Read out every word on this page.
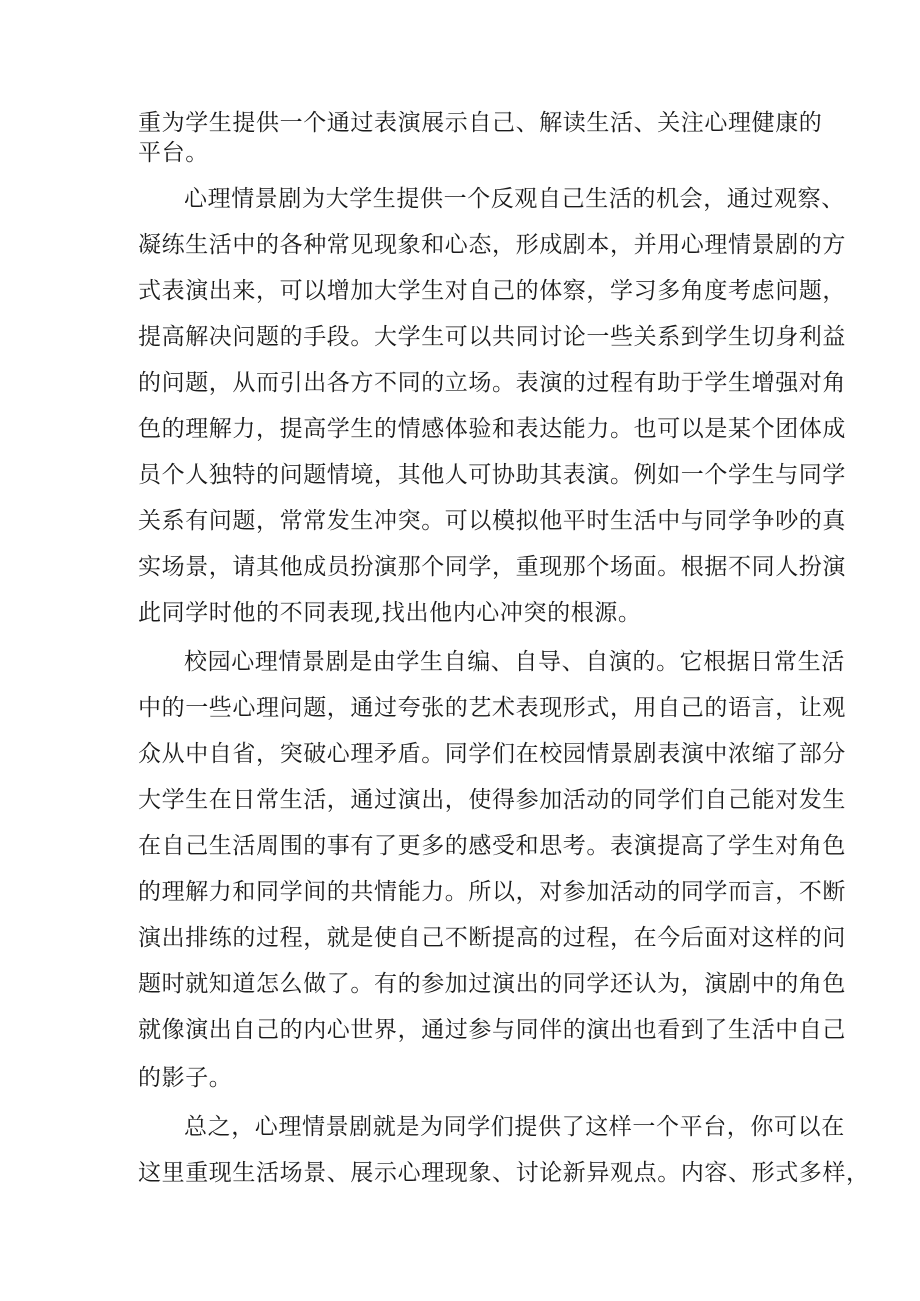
重为学生提供一个通过表演展示自己、解读生活、关注心理健康的

平台。

心理情景剧为大学生提供一个反观自己生活的机会，通过观察、

凝练生活中的各种常见现象和心态，形成剧本，并用心理情景剧的方

式表演出来，可以增加大学生对自己的体察，学习多角度考虑问题，

提高解决问题的手段。大学生可以共同讨论一些关系到学生切身利益

的问题，从而引出各方不同的立场。表演的过程有助于学生增强对角

色的理解力，提高学生的情感体验和表达能力。也可以是某个团体成

员个人独特的问题情境，其他人可协助其表演。例如一个学生与同学

关系有问题，常常发生冲突。可以模拟他平时生活中与同学争吵的真

实场景，请其他成员扮演那个同学，重现那个场面。根据不同人扮演

此同学时他的不同表现,找出他内心冲突的根源。

校园心理情景剧是由学生自编、自导、自演的。它根据日常生活

中的一些心理问题，通过夸张的艺术表现形式，用自己的语言，让观

众从中自省，突破心理矛盾。同学们在校园情景剧表演中浓缩了部分

大学生在日常生活，通过演出，使得参加活动的同学们自己能对发生

在自己生活周围的事有了更多的感受和思考。表演提高了学生对角色

的理解力和同学间的共情能力。所以，对参加活动的同学而言，不断

演出排练的过程，就是使自己不断提高的过程，在今后面对这样的问

题时就知道怎么做了。有的参加过演出的同学还认为，演剧中的角色

就像演出自己的内心世界，通过参与同伴的演出也看到了生活中自己

的影子。

总之，心理情景剧就是为同学们提供了这样一个平台，你可以在

这里重现生活场景、展示心理现象、讨论新异观点。内容、形式多样，
